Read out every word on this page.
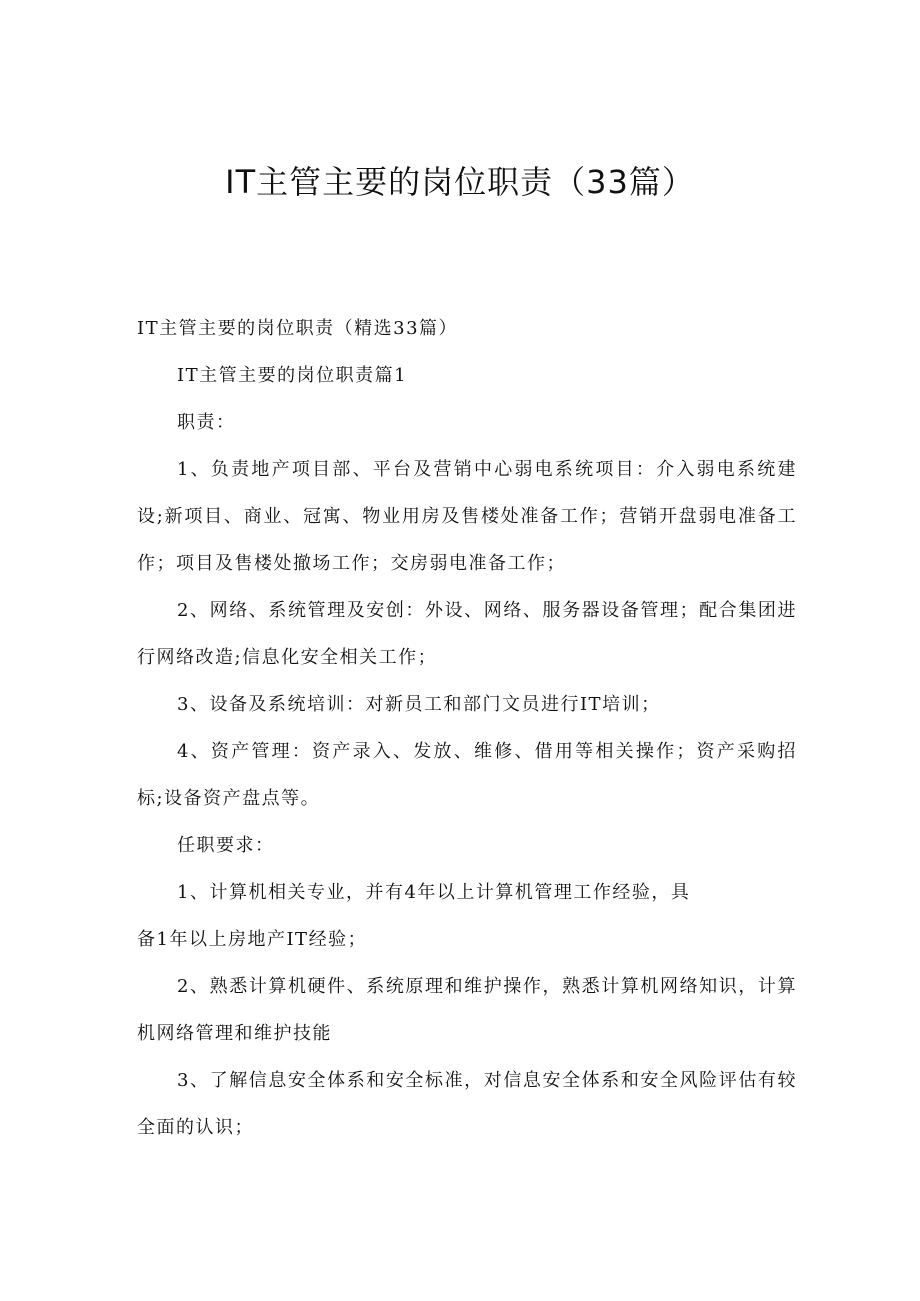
IT主管主要的岗位职责（33篇）

IT主管主要的岗位职责（精选33篇）

IT主管主要的岗位职责篇1

职责：

1、负责地产项目部、平台及营销中心弱电系统项目：介入弱电系统建设;新项目、商业、冠寓、物业用房及售楼处准备工作；营销开盘弱电准备工作；项目及售楼处撤场工作；交房弱电准备工作；

2、网络、系统管理及安创：外设、网络、服务器设备管理；配合集团进行网络改造;信息化安全相关工作；

3、设备及系统培训：对新员工和部门文员进行IT培训；

4、资产管理：资产录入、发放、维修、借用等相关操作；资产采购招标;设备资产盘点等。

任职要求：

1、计算机相关专业，并有4年以上计算机管理工作经验，具

备1年以上房地产IT经验；

2、熟悉计算机硬件、系统原理和维护操作，熟悉计算机网络知识，计算机网络管理和维护技能

3、了解信息安全体系和安全标准，对信息安全体系和安全风险评估有较全面的认识；
